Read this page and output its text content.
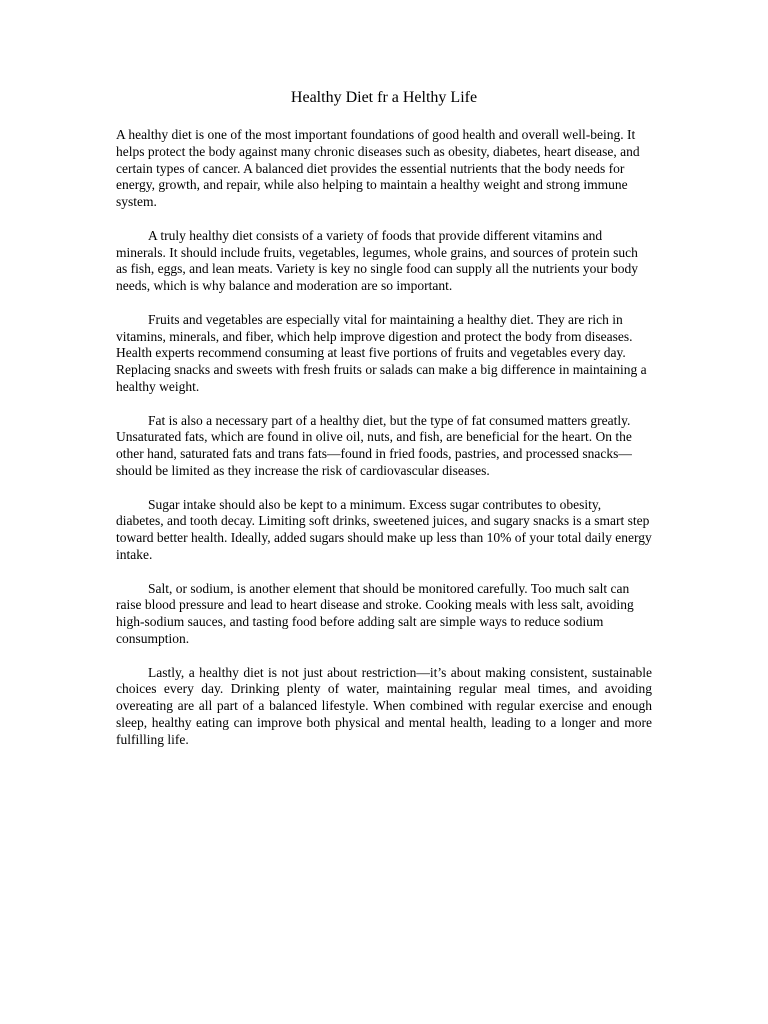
Healthy Diet fr a Helthy Life

A healthy diet is one of the most important foundations of good health and overall well-being. It helps protect the body against many chronic diseases such as obesity, diabetes, heart disease, and certain types of cancer. A balanced diet provides the essential nutrients that the body needs for energy, growth, and repair, while also helping to maintain a healthy weight and strong immune system.

A truly healthy diet consists of a variety of foods that provide different vitamins and minerals. It should include fruits, vegetables, legumes, whole grains, and sources of protein such as fish, eggs, and lean meats. Variety is key no single food can supply all the nutrients your body needs, which is why balance and moderation are so important.

Fruits and vegetables are especially vital for maintaining a healthy diet. They are rich in vitamins, minerals, and fiber, which help improve digestion and protect the body from diseases. Health experts recommend consuming at least five portions of fruits and vegetables every day. Replacing snacks and sweets with fresh fruits or salads can make a big difference in maintaining a healthy weight.

Fat is also a necessary part of a healthy diet, but the type of fat consumed matters greatly. Unsaturated fats, which are found in olive oil, nuts, and fish, are beneficial for the heart. On the other hand, saturated fats and trans fats—found in fried foods, pastries, and processed snacks—should be limited as they increase the risk of cardiovascular diseases.

Sugar intake should also be kept to a minimum. Excess sugar contributes to obesity, diabetes, and tooth decay. Limiting soft drinks, sweetened juices, and sugary snacks is a smart step toward better health. Ideally, added sugars should make up less than 10% of your total daily energy intake.

Salt, or sodium, is another element that should be monitored carefully. Too much salt can raise blood pressure and lead to heart disease and stroke. Cooking meals with less salt, avoiding high-sodium sauces, and tasting food before adding salt are simple ways to reduce sodium consumption.

Lastly, a healthy diet is not just about restriction—it’s about making consistent, sustainable choices every day. Drinking plenty of water, maintaining regular meal times, and avoiding overeating are all part of a balanced lifestyle. When combined with regular exercise and enough sleep, healthy eating can improve both physical and mental health, leading to a longer and more fulfilling life.
